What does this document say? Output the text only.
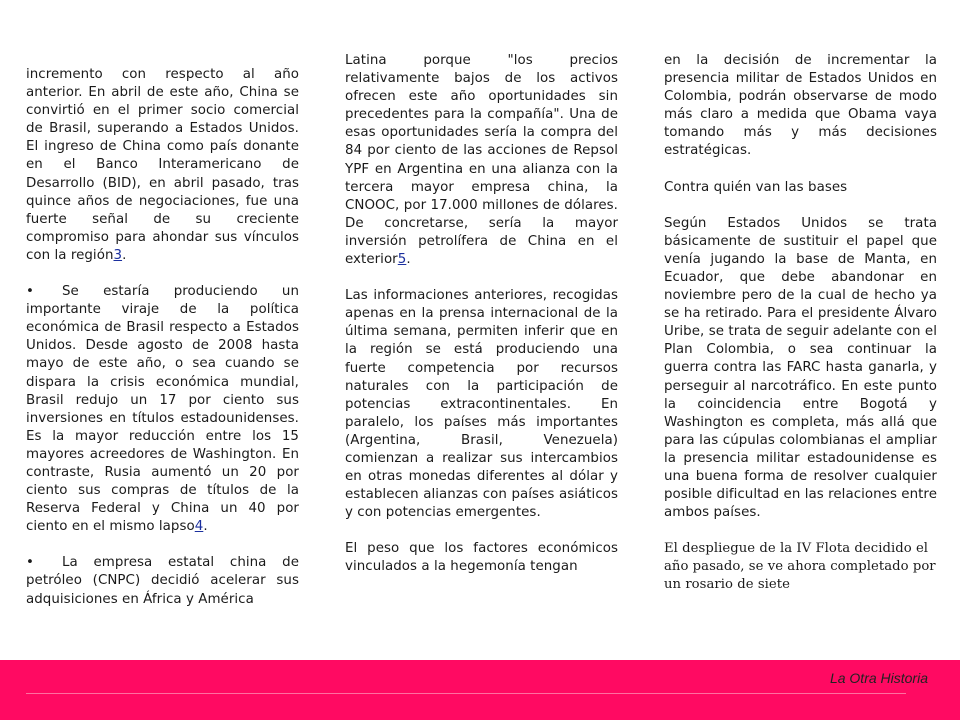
incremento con respecto al año anterior. En abril de este año, China se convirtió en el primer socio comercial de Brasil, superando a Estados Unidos. El ingreso de China como país donante en el Banco Interamericano de Desarrollo (BID), en abril pasado, tras quince años de negociaciones, fue una fuerte señal de su creciente compromiso para ahondar sus vínculos con la región3.

• Se estaría produciendo un importante viraje de la política económica de Brasil respecto a Estados Unidos. Desde agosto de 2008 hasta mayo de este año, o sea cuando se dispara la crisis económica mundial, Brasil redujo un 17 por ciento sus inversiones en títulos estadounidenses. Es la mayor reducción entre los 15 mayores acreedores de Washington. En contraste, Rusia aumentó un 20 por ciento sus compras de títulos de la Reserva Federal y China un 40 por ciento en el mismo lapso4.

• La empresa estatal china de petróleo (CNPC) decidió acelerar sus adquisiciones en África y América

Latina porque "los precios relativamente bajos de los activos ofrecen este año oportunidades sin precedentes para la compañía". Una de esas oportunidades sería la compra del 84 por ciento de las acciones de Repsol YPF en Argentina en una alianza con la tercera mayor empresa china, la CNOOC, por 17.000 millones de dólares. De concretarse, sería la mayor inversión petrolífera de China en el exterior5.

Las informaciones anteriores, recogidas apenas en la prensa internacional de la última semana, permiten inferir que en la región se está produciendo una fuerte competencia por recursos naturales con la participación de potencias extracontinentales. En paralelo, los países más importantes (Argentina, Brasil, Venezuela) comienzan a realizar sus intercambios en otras monedas diferentes al dólar y establecen alianzas con países asiáticos y con potencias emergentes.

El peso que los factores económicos vinculados a la hegemonía tengan

en la decisión de incrementar la presencia militar de Estados Unidos en Colombia, podrán observarse de modo más claro a medida que Obama vaya tomando más y más decisiones estratégicas.

Contra quién van las bases

Según Estados Unidos se trata básicamente de sustituir el papel que venía jugando la base de Manta, en Ecuador, que debe abandonar en noviembre pero de la cual de hecho ya se ha retirado. Para el presidente Álvaro Uribe, se trata de seguir adelante con el Plan Colombia, o sea continuar la guerra contra las FARC hasta ganarla, y perseguir al narcotráfico. En este punto la coincidencia entre Bogotá y Washington es completa, más allá que para las cúpulas colombianas el ampliar la presencia militar estadounidense es una buena forma de resolver cualquier posible dificultad en las relaciones entre ambos países.

El despliegue de la IV Flota decidido el año pasado, se ve ahora completado por un rosario de siete

La Otra Historia
